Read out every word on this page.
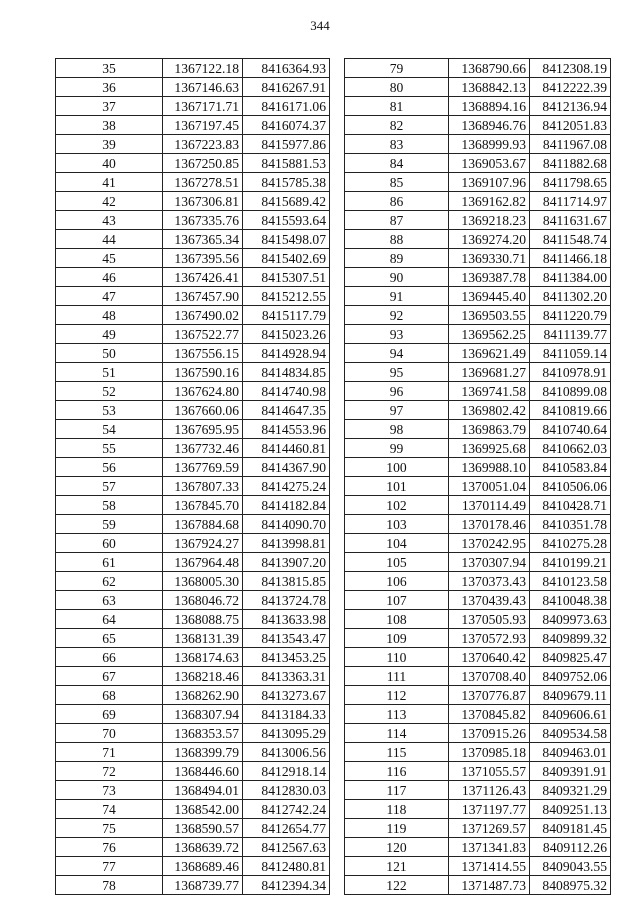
344
35	1367122.18	8416364.93
36	1367146.63	8416267.91
37	1367171.71	8416171.06
38	1367197.45	8416074.37
39	1367223.83	8415977.86
40	1367250.85	8415881.53
41	1367278.51	8415785.38
42	1367306.81	8415689.42
43	1367335.76	8415593.64
44	1367365.34	8415498.07
45	1367395.56	8415402.69
46	1367426.41	8415307.51
47	1367457.90	8415212.55
48	1367490.02	8415117.79
49	1367522.77	8415023.26
50	1367556.15	8414928.94
51	1367590.16	8414834.85
52	1367624.80	8414740.98
53	1367660.06	8414647.35
54	1367695.95	8414553.96
55	1367732.46	8414460.81
56	1367769.59	8414367.90
57	1367807.33	8414275.24
58	1367845.70	8414182.84
59	1367884.68	8414090.70
60	1367924.27	8413998.81
61	1367964.48	8413907.20
62	1368005.30	8413815.85
63	1368046.72	8413724.78
64	1368088.75	8413633.98
65	1368131.39	8413543.47
66	1368174.63	8413453.25
67	1368218.46	8413363.31
68	1368262.90	8413273.67
69	1368307.94	8413184.33
70	1368353.57	8413095.29
71	1368399.79	8413006.56
72	1368446.60	8412918.14
73	1368494.01	8412830.03
74	1368542.00	8412742.24
75	1368590.57	8412654.77
76	1368639.72	8412567.63
77	1368689.46	8412480.81
78	1368739.77	8412394.34
79	1368790.66	8412308.19
80	1368842.13	8412222.39
81	1368894.16	8412136.94
82	1368946.76	8412051.83
83	1368999.93	8411967.08
84	1369053.67	8411882.68
85	1369107.96	8411798.65
86	1369162.82	8411714.97
87	1369218.23	8411631.67
88	1369274.20	8411548.74
89	1369330.71	8411466.18
90	1369387.78	8411384.00
91	1369445.40	8411302.20
92	1369503.55	8411220.79
93	1369562.25	8411139.77
94	1369621.49	8411059.14
95	1369681.27	8410978.91
96	1369741.58	8410899.08
97	1369802.42	8410819.66
98	1369863.79	8410740.64
99	1369925.68	8410662.03
100	1369988.10	8410583.84
101	1370051.04	8410506.06
102	1370114.49	8410428.71
103	1370178.46	8410351.78
104	1370242.95	8410275.28
105	1370307.94	8410199.21
106	1370373.43	8410123.58
107	1370439.43	8410048.38
108	1370505.93	8409973.63
109	1370572.93	8409899.32
110	1370640.42	8409825.47
111	1370708.40	8409752.06
112	1370776.87	8409679.11
113	1370845.82	8409606.61
114	1370915.26	8409534.58
115	1370985.18	8409463.01
116	1371055.57	8409391.91
117	1371126.43	8409321.29
118	1371197.77	8409251.13
119	1371269.57	8409181.45
120	1371341.83	8409112.26
121	1371414.55	8409043.55
122	1371487.73	8408975.32
